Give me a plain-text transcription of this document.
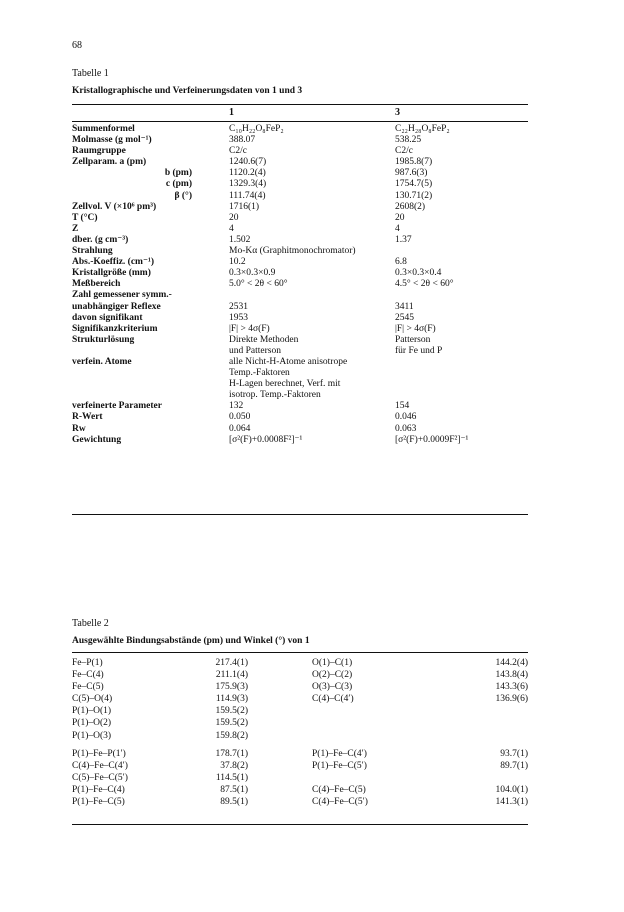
68
Tabelle 1
Kristallographische und Verfeinerungsdaten von 1 und 3
1	3
Summenformel	C₁₀H₂₂O₈FeP₂	C₂₂H₂₈O₈FeP₂
Molmasse (g mol⁻¹)	388.07	538.25
Raumgruppe	C2/c	C2/c
Zellparam. a (pm)	1240.6(7)	1985.8(7)
b (pm)	1120.2(4)	987.6(3)
c (pm)	1329.3(4)	1754.7(5)
β (°)	111.74(4)	130.71(2)
Zellvol. V (×10⁶ pm³)	1716(1)	2608(2)
T (°C)	20	20
Z	4	4
dber. (g cm⁻³)	1.502	1.37
Strahlung	Mo-Kα (Graphitmonochromator)
Abs.-Koeffiz. (cm⁻¹)	10.2	6.8
Kristallgröße (mm)	0.3×0.3×0.9	0.3×0.3×0.4
Meßbereich	5.0° < 2θ < 60°	4.5° < 2θ < 60°
Zahl gemessener symm.-
unabhängiger Reflexe	2531	3411
davon signifikant	1953	2545
Signifikanzkriterium	|F| > 4σ(F)	|F| > 4σ(F)
Strukturlösung	Direkte Methoden	Patterson
und Patterson	für Fe und P
verfein. Atome	alle Nicht-H-Atome anisotrope
Temp.-Faktoren
H-Lagen berechnet, Verf. mit
isotrop. Temp.-Faktoren
verfeinerte Parameter	132	154
R-Wert	0.050	0.046
Rw	0.064	0.063
Gewichtung	[σ²(F)+0.0008F²]⁻¹	[σ²(F)+0.0009F²]⁻¹
Tabelle 2
Ausgewählte Bindungsabstände (pm) und Winkel (°) von 1
Fe–P(1)	217.4(1)	O(1)–C(1)	144.2(4)
Fe–C(4)	211.1(4)	O(2)–C(2)	143.8(4)
Fe–C(5)	175.9(3)	O(3)–C(3)	143.3(6)
C(5)–O(4)	114.9(3)	C(4)–C(4′)	136.9(6)
P(1)–O(1)	159.5(2)
P(1)–O(2)	159.5(2)
P(1)–O(3)	159.8(2)
P(1)–Fe–P(1′)	178.7(1)	P(1)–Fe–C(4′)	93.7(1)
C(4)–Fe–C(4′)	37.8(2)	P(1)–Fe–C(5′)	89.7(1)
C(5)–Fe–C(5′)	114.5(1)
P(1)–Fe–C(4)	87.5(1)	C(4)–Fe–C(5)	104.0(1)
P(1)–Fe–C(5)	89.5(1)	C(4)–Fe–C(5′)	141.3(1)
